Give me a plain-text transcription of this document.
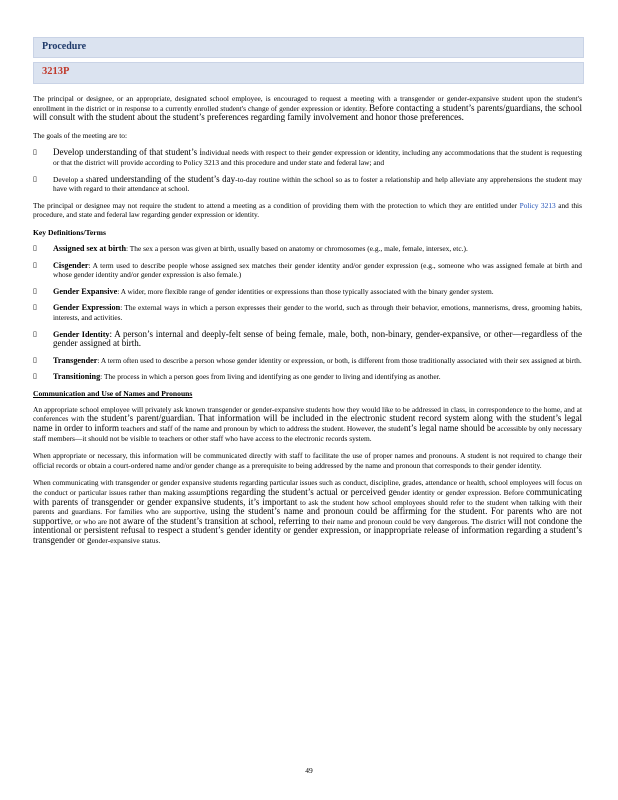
Procedure
3213P

The principal or designee, or an appropriate, designated school employee, is encouraged to request a meeting with a transgender or gender-expansive student upon the student's enrollment in the district or in response to a currently enrolled student's change of gender expression or identity. Before contacting a student’s parents/guardians, the school will consult with the student about the student’s preferences regarding family involvement and honor those preferences.

The goals of the meeting are to:

▯ Develop understanding of that student’s individual needs with respect to their gender expression or identity, including any accommodations that the student is requesting or that the district will provide according to Policy 3213 and this procedure and under state and federal law; and
▯ Develop a shared understanding of the student’s day-to-day routine within the school so as to foster a relationship and help alleviate any apprehensions the student may have with regard to their attendance at school.

The principal or designee may not require the student to attend a meeting as a condition of providing them with the protection to which they are entitled under Policy 3213 and this procedure, and state and federal law regarding gender expression or identity.

Key Definitions/Terms
▯ Assigned sex at birth: The sex a person was given at birth, usually based on anatomy or chromosomes (e.g., male, female, intersex, etc.).
▯ Cisgender: A term used to describe people whose assigned sex matches their gender identity and/or gender expression (e.g., someone who was assigned female at birth and whose gender identity and/or gender expression is also female.)
▯ Gender Expansive: A wider, more flexible range of gender identities or expressions than those typically associated with the binary gender system.
▯ Gender Expression: The external ways in which a person expresses their gender to the world, such as through their behavior, emotions, mannerisms, dress, grooming habits, interests, and activities.
▯ Gender Identity: A person’s internal and deeply-felt sense of being female, male, both, non-binary, gender-expansive, or other—regardless of the gender assigned at birth.
▯ Transgender: A term often used to describe a person whose gender identity or expression, or both, is different from those traditionally associated with their sex assigned at birth.
▯ Transitioning: The process in which a person goes from living and identifying as one gender to living and identifying as another.
Communication and Use of Names and Pronouns

An appropriate school employee will privately ask known transgender or gender-expansive students how they would like to be addressed in class, in correspondence to the home, and at conferences with the student’s parent/guardian. That information will be included in the electronic student record system along with the student’s legal name in order to inform teachers and staff of the name and pronoun by which to address the student. However, the student’s legal name should be accessible by only necessary staff members—it should not be visible to teachers or other staff who have access to the electronic records system.

When appropriate or necessary, this information will be communicated directly with staff to facilitate the use of proper names and pronouns. A student is not required to change their official records or obtain a court-ordered name and/or gender change as a prerequisite to being addressed by the name and pronoun that corresponds to their gender identity.

When communicating with transgender or gender expansive students regarding particular issues such as conduct, discipline, grades, attendance or health, school employees will focus on the conduct or particular issues rather than making assumptions regarding the student’s actual or perceived gender identity or gender expression. Before communicating with parents of transgender or gender expansive students, it’s important to ask the student how school employees should refer to the student when talking with their parents and guardians. For families who are supportive, using the student’s name and pronoun could be affirming for the student. For parents who are not supportive, or who are not aware of the student’s transition at school, referring to their name and pronoun could be very dangerous. The district will not condone the intentional or persistent refusal to respect a student’s gender identity or gender expression, or inappropriate release of information regarding a student’s transgender or gender-expansive status.

49
